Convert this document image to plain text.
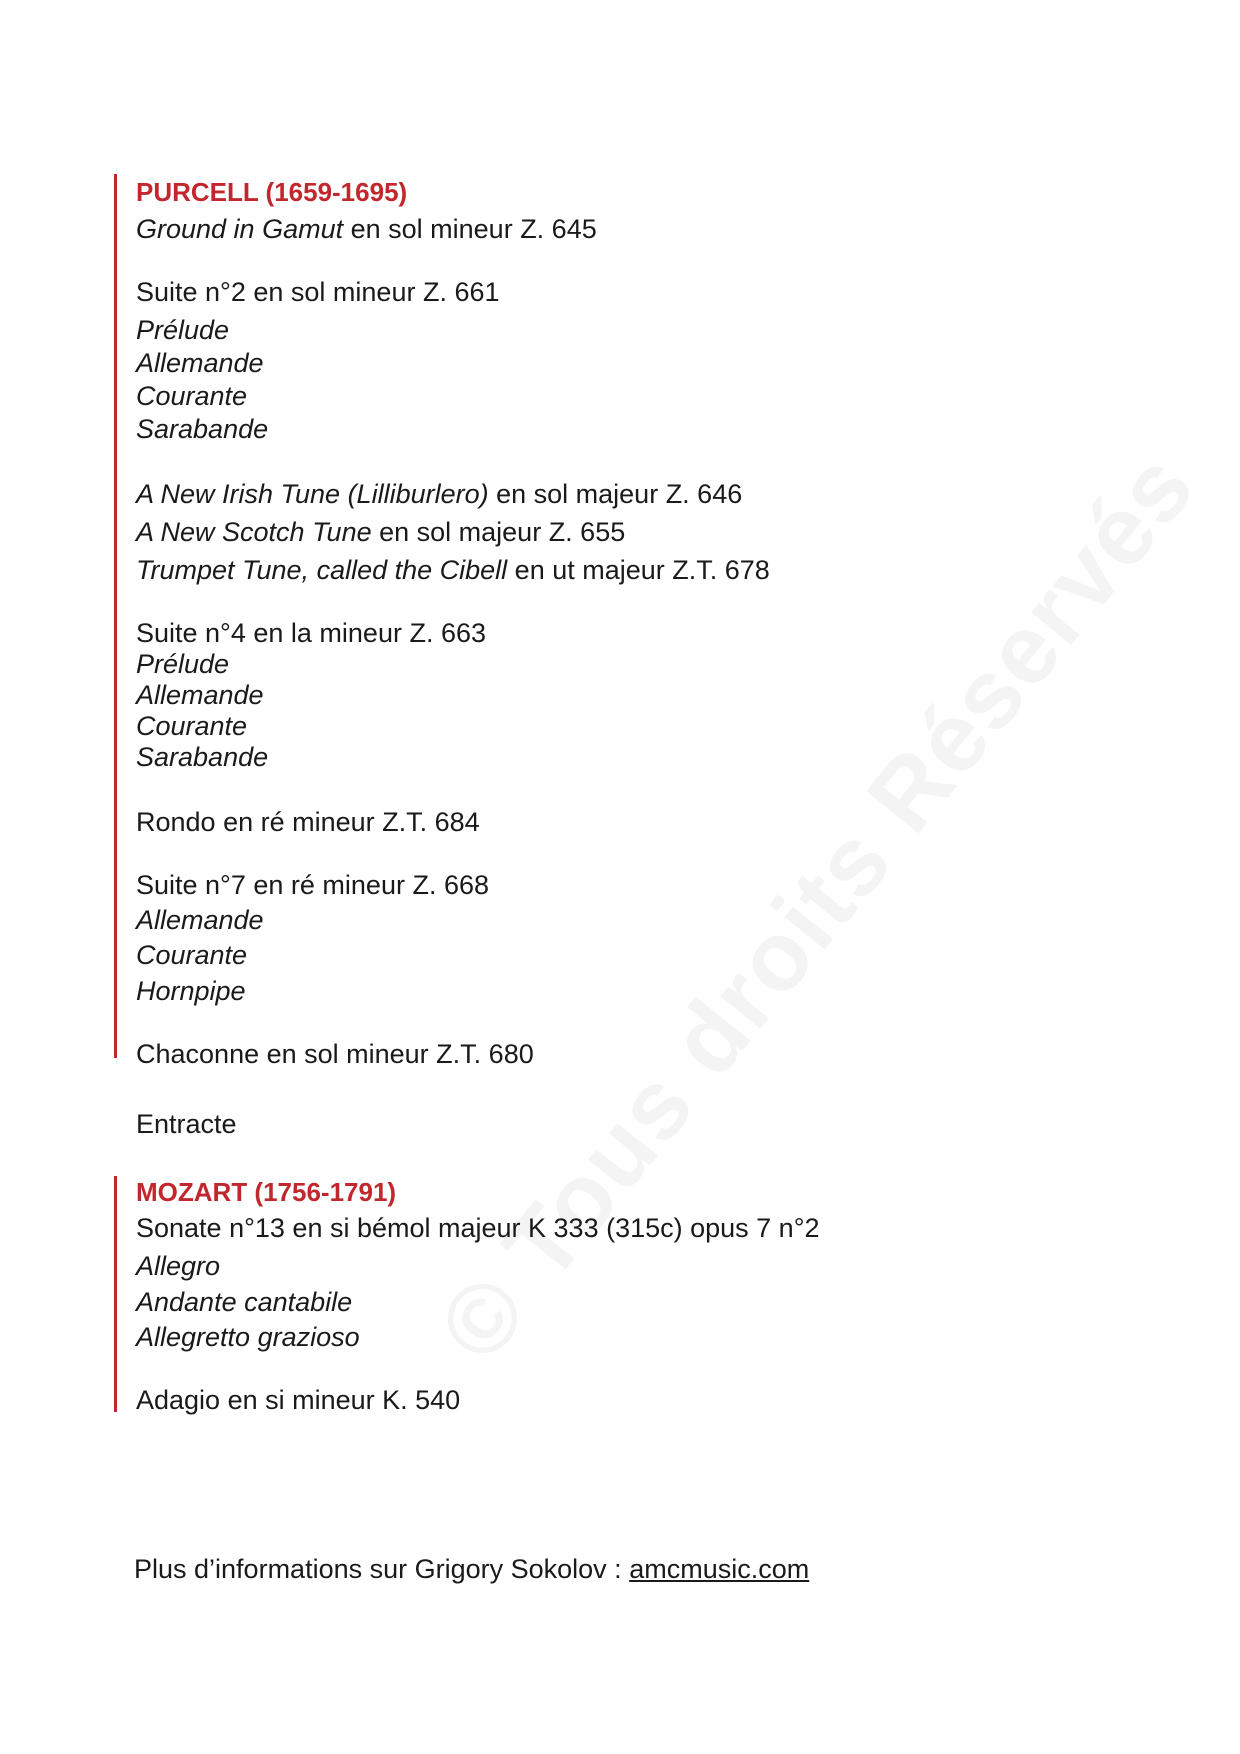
PURCELL (1659-1695)
Ground in Gamut en sol mineur Z. 645
Suite n°2 en sol mineur Z. 661
Prélude
Allemande
Courante
Sarabande
A New Irish Tune (Lilliburlero) en sol majeur Z. 646
A New Scotch Tune en sol majeur Z. 655
Trumpet Tune, called the Cibell en ut majeur Z.T. 678
Suite n°4 en la mineur Z. 663
Prélude
Allemande
Courante
Sarabande
Rondo en ré mineur Z.T. 684
Suite n°7 en ré mineur Z. 668
Allemande
Courante
Hornpipe
Chaconne en sol mineur Z.T. 680
Entracte
MOZART (1756-1791)
Sonate n°13 en si bémol majeur K 333 (315c) opus 7 n°2
Allegro
Andante cantabile
Allegretto grazioso
Adagio en si mineur K. 540
Plus d’informations sur Grigory Sokolov : amcmusic.com
